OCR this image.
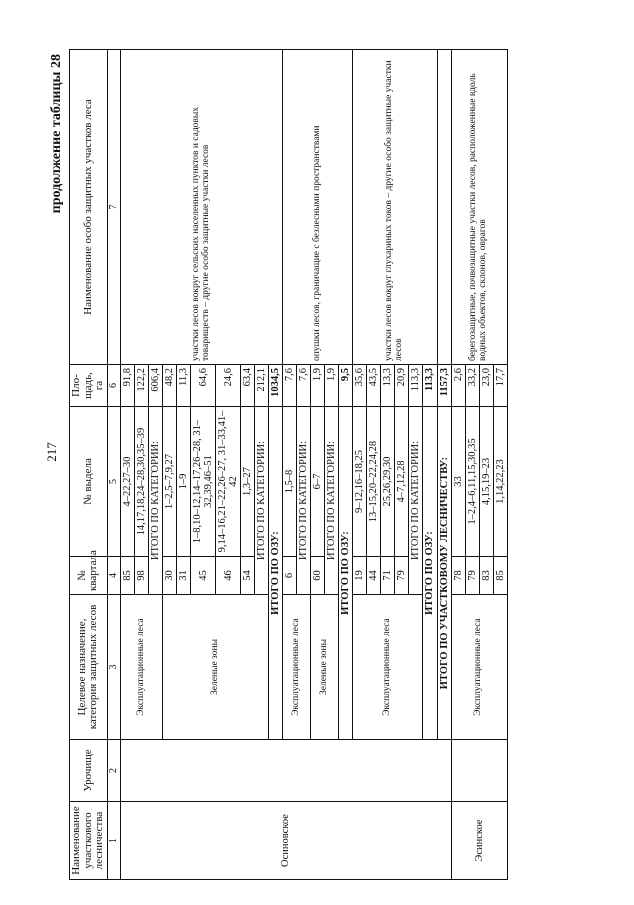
217
продолжение таблицы 28
Наименование участкового лесничества	Урочище	Целевое назначение, категория защитных лесов	№ квартала	№ выдела	Пло-щадь, га	Наименование особо защитных участков леса
1	2	3	4	5	6	7
Осиновское		Эксплуатационные леса	85	4–22,27–30	91,8	участки лесов вокруг сельских населенных пунктов и садовых товариществ – другие особо защитные участки лесов
			98	14,17,18,24–28,30,35–39	122,2	
			ИТОГО ПО КАТЕГОРИИ:		606,4	
		Зеленые зоны	30	1–2,5–7,9,27	48,2	
			31	1–9	11,3	
			45	1–8,10–12,14–17,26–28, 31–32,39,46–51	64,6	
			46	9,14–16,21–22,26–27, 31–33,41–42	24,6	
			54	1,3–27	63,4	
			ИТОГО ПО КАТЕГОРИИ:		212,1	
		ИТОГО ПО ОЗУ:			1034,5	
		Эксплуатационные леса	6	1,5–8	7,6	опушки лесов, граничащие с безлесными пространствами
			ИТОГО ПО КАТЕГОРИИ:		7,6	
		Зеленые зоны	60	6–7	1,9	
			ИТОГО ПО КАТЕГОРИИ:		1,9	
		ИТОГО ПО ОЗУ:			9,5	
		Эксплуатационные леса	19	9–12,16–18,25	35,6	участки лесов вокруг глухариных токов – другие особо защитные участки лесов
			44	13–15,20–22,24,28	43,5	
			71	25,26,29,30	13,3	
			79	4–7,12,28	20,9	
			ИТОГО ПО КАТЕГОРИИ:		113,3	
		ИТОГО ПО ОЗУ:			113,3	
		ИТОГО ПО УЧАСТКОВОМУ ЛЕСНИЧЕСТВУ:			1157,3	
Эсинское		Эксплуатационные леса	78	33	2,6	берегозащитные, почвозащитные участки лесов, расположенные вдоль водных объектов, склонов, оврагов
			79	1–2,4–6,11,15,30,35	33,2	
			83	4,15,19–23	23,0	
			85	1,14,22,23	17,7	
